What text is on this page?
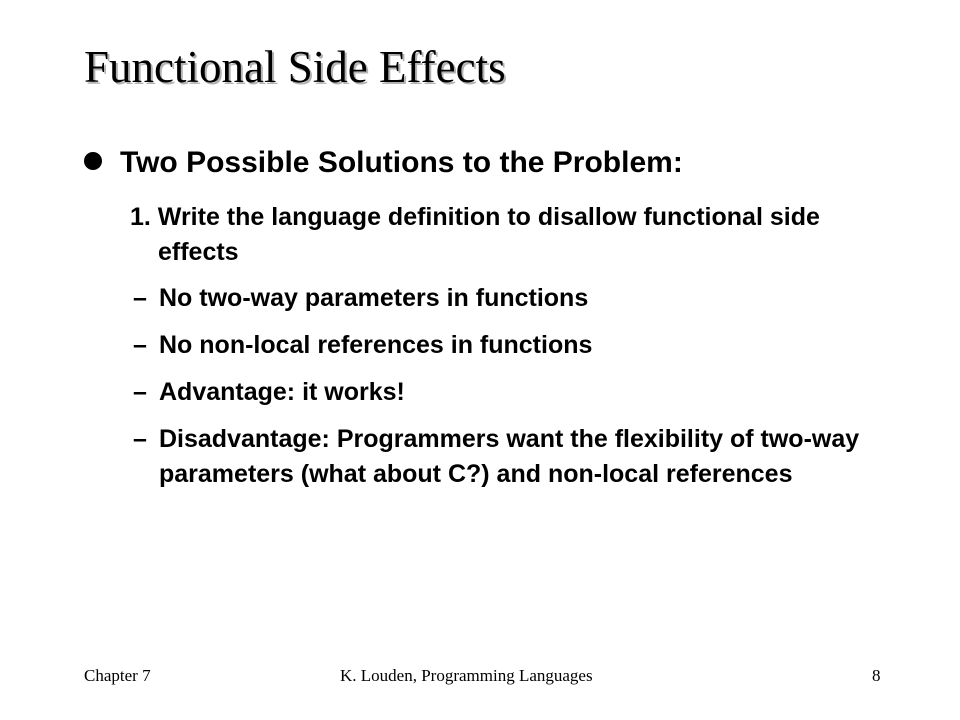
Functional Side Effects
Two Possible Solutions to the Problem:
1. Write the language definition to disallow functional side effects
– No two-way parameters in functions
– No non-local references in functions
– Advantage: it works!
– Disadvantage: Programmers want the flexibility of two-way parameters (what about C?) and non-local references
Chapter 7	K. Louden, Programming Languages	8
